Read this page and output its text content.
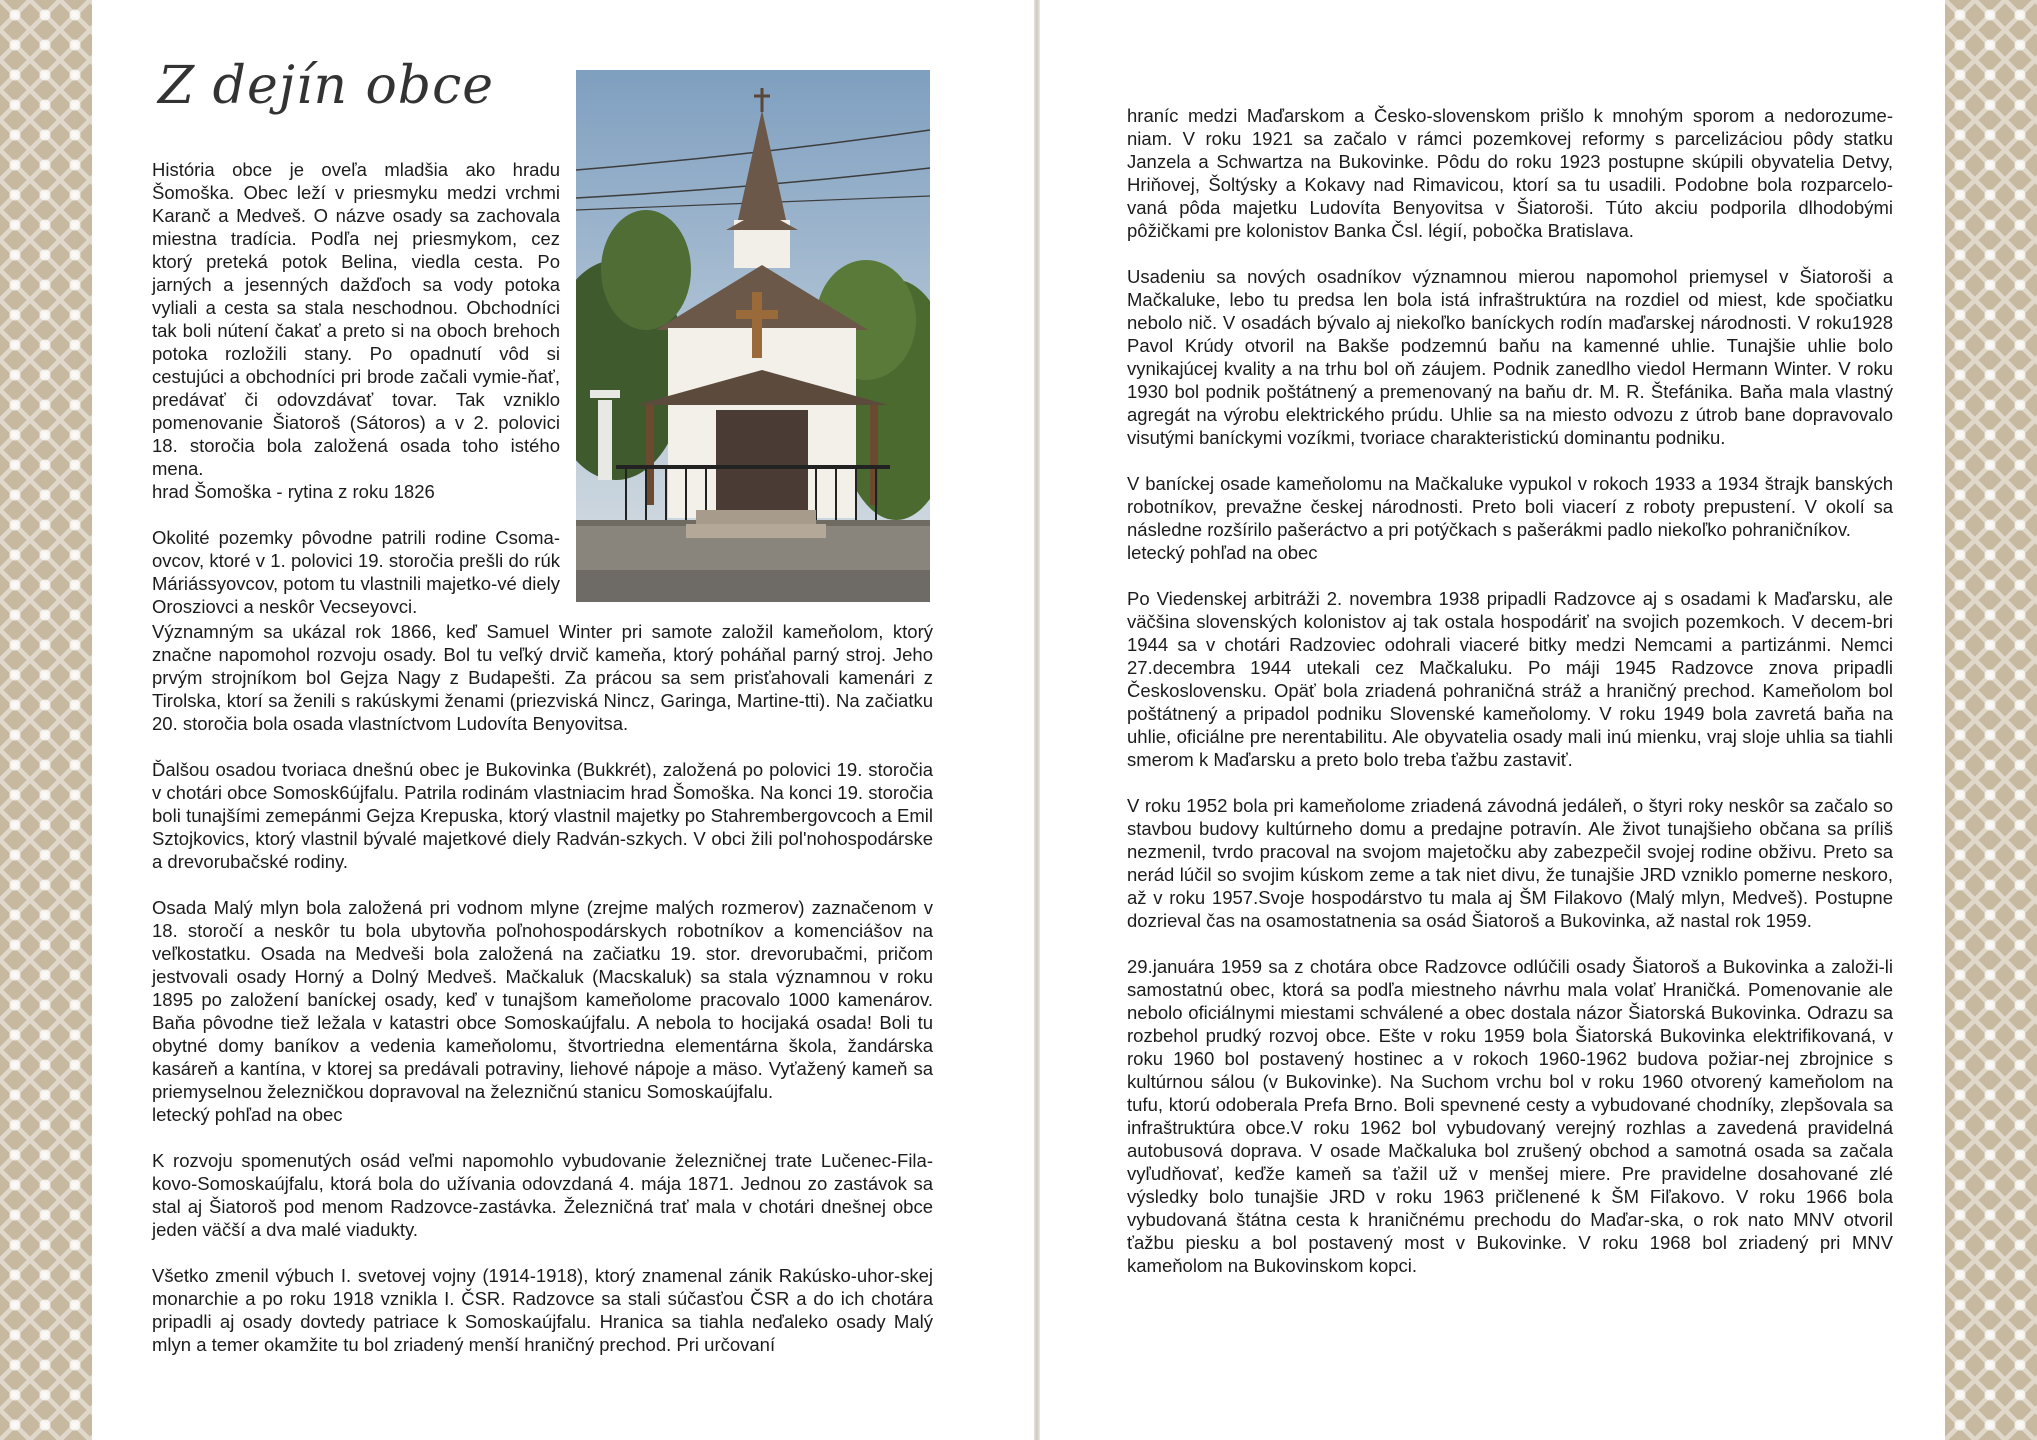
Z dejín obce

História obce je oveľa mladšia ako hradu Šomoška. Obec leží v priesmyku medzi vrchmi Karanč a Medveš. O názve osady sa zachovala miestna tradícia. Podľa nej priesmykom, cez ktorý preteká potok Belina, viedla cesta. Po jarných a jesenných dažďoch sa vody potoka vyliali a cesta sa stala neschodnou. Obchodníci tak boli nútení čakať a preto si na oboch brehoch potoka rozložili stany. Po opadnutí vôd si cestujúci a obchodníci pri brode začali vymie-ňať, predávať či odovzdávať tovar. Tak vzniklo pomenovanie Šiatoroš (Sátoros) a v 2. polovici 18. storočia bola založená osada toho istého mena.

hrad Šomoška - rytina z roku 1826

Okolité pozemky pôvodne patrili rodine Csoma-ovcov, ktoré v 1. polovici 19. storočia prešli do rúk Máriássyovcov, potom tu vlastnili majetko-vé diely Orosziovci a neskôr Vecseyovci.

Významným sa ukázal rok 1866, keď Samuel Winter pri samote založil kameňolom, ktorý značne napomohol rozvoju osady. Bol tu veľký drvič kameňa, ktorý poháňal parný stroj. Jeho prvým strojníkom bol Gejza Nagy z Budapešti. Za prácou sa sem prisťahovali kamenári z Tirolska, ktorí sa ženili s rakúskymi ženami (priezviská Nincz, Garinga, Martine-tti). Na začiatku 20. storočia bola osada vlastníctvom Ludovíta Benyovitsa.

Ďalšou osadou tvoriaca dnešnú obec je Bukovinka (Bukkrét), založená po polovici 19. storočia v chotári obce Somosk6újfalu. Patrila rodinám vlastniacim hrad Šomoška. Na konci 19. storočia boli tunajšími zemepánmi Gejza Krepuska, ktorý vlastnil majetky po Stahrembergovcoch a Emil Sztojkovics, ktorý vlastnil bývalé majetkové diely Radván-szkych. V obci žili pol'nohospodárske a drevorubačské rodiny.

Osada Malý mlyn bola založená pri vodnom mlyne (zrejme malých rozmerov) zaznačenom v 18. storočí a neskôr tu bola ubytovňa poľnohospodárskych robotníkov a komenciášov na veľkostatku. Osada na Medveši bola založená na začiatku 19. stor. drevorubačmi, pričom jestvovali osady Horný a Dolný Medveš. Mačkaluk (Macskaluk) sa stala významnou v roku 1895 po založení baníckej osady, keď v tunajšom kameňolome pracovalo 1000 kamenárov. Baňa pôvodne tiež ležala v katastri obce Somoskaújfalu. A nebola to hocijaká osada! Boli tu obytné domy baníkov a vedenia kameňolomu, štvortriedna elementárna škola, žandárska kasáreň a kantína, v ktorej sa predávali potraviny, liehové nápoje a mäso. Vyťažený kameň sa priemyselnou železničkou dopravoval na železničnú stanicu Somoskaújfalu.

letecký pohľad na obec

K rozvoju spomenutých osád veľmi napomohlo vybudovanie železničnej trate Lučenec-Fila-kovo-Somoskaújfalu, ktorá bola do užívania odovzdaná 4. mája 1871. Jednou zo zastávok sa stal aj Šiatoroš pod menom Radzovce-zastávka. Železničná trať mala v chotári dnešnej obce jeden väčší a dva malé viadukty.

Všetko zmenil výbuch I. svetovej vojny (1914-1918), ktorý znamenal zánik Rakúsko-uhor-skej monarchie a po roku 1918 vznikla I. ČSR. Radzovce sa stali súčasťou ČSR a do ich chotára pripadli aj osady dovtedy patriace k Somoskaújfalu. Hranica sa tiahla neďaleko osady Malý mlyn a temer okamžite tu bol zriadený menší hraničný prechod. Pri určovaní

hraníc medzi Maďarskom a Česko-slovenskom prišlo k mnohým sporom a nedorozume-niam. V roku 1921 sa začalo v rámci pozemkovej reformy s parcelizáciou pôdy statku Janzela a Schwartza na Bukovinke. Pôdu do roku 1923 postupne skúpili obyvatelia Detvy, Hriňovej, Šoltýsky a Kokavy nad Rimavicou, ktorí sa tu usadili. Podobne bola rozparcelo-vaná pôda majetku Ludovíta Benyovitsa v Šiatoroši. Túto akciu podporila dlhodobými pôžičkami pre kolonistov Banka Čsl. légií, pobočka Bratislava.

Usadeniu sa nových osadníkov významnou mierou napomohol priemysel v Šiatoroši a Mačkaluke, lebo tu predsa len bola istá infraštruktúra na rozdiel od miest, kde spočiatku nebolo nič. V osadách bývalo aj niekoľko baníckych rodín maďarskej národnosti. V roku1928 Pavol Krúdy otvoril na Bakše podzemnú baňu na kamenné uhlie. Tunajšie uhlie bolo vynikajúcej kvality a na trhu bol oň záujem. Podnik zanedlho viedol Hermann Winter. V roku 1930 bol podnik poštátnený a premenovaný na baňu dr. M. R. Štefánika. Baňa mala vlastný agregát na výrobu elektrického prúdu. Uhlie sa na miesto odvozu z útrob bane dopravovalo visutými baníckymi vozíkmi, tvoriace charakteristickú dominantu podniku.

V baníckej osade kameňolomu na Mačkaluke vypukol v rokoch 1933 a 1934 štrajk banských robotníkov, prevažne českej národnosti. Preto boli viacerí z roboty prepustení. V okolí sa následne rozšírilo pašeráctvo a pri potýčkach s pašerákmi padlo niekoľko pohraničníkov.

letecký pohľad na obec

Po Viedenskej arbitráži 2. novembra 1938 pripadli Radzovce aj s osadami k Maďarsku, ale väčšina slovenských kolonistov aj tak ostala hospodáriť na svojich pozemkoch. V decem-bri 1944 sa v chotári Radzoviec odohrali viaceré bitky medzi Nemcami a partizánmi. Nemci 27.decembra 1944 utekali cez Mačkaluku. Po máji 1945 Radzovce znova pripadli Československu. Opäť bola zriadená pohraničná stráž a hraničný prechod. Kameňolom bol poštátnený a pripadol podniku Slovenské kameňolomy. V roku 1949 bola zavretá baňa na uhlie, oficiálne pre nerentabilitu. Ale obyvatelia osady mali inú mienku, vraj sloje uhlia sa tiahli smerom k Maďarsku a preto bolo treba ťažbu zastaviť.

V roku 1952 bola pri kameňolome zriadená závodná jedáleň, o štyri roky neskôr sa začalo so stavbou budovy kultúrneho domu a predajne potravín. Ale život tunajšieho občana sa príliš nezmenil, tvrdo pracoval na svojom majetočku aby zabezpečil svojej rodine obživu. Preto sa nerád lúčil so svojim kúskom zeme a tak niet divu, že tunajšie JRD vzniklo pomerne neskoro, až v roku 1957.Svoje hospodárstvo tu mala aj ŠM Filakovo (Malý mlyn, Medveš). Postupne dozrieval čas na osamostatnenia sa osád Šiatoroš a Bukovinka, až nastal rok 1959.

29.januára 1959 sa z chotára obce Radzovce odlúčili osady Šiatoroš a Bukovinka a založi-li samostatnú obec, ktorá sa podľa miestneho návrhu mala volať Hraničká. Pomenovanie ale nebolo oficiálnymi miestami schválené a obec dostala názor Šiatorská Bukovinka. Odrazu sa rozbehol prudký rozvoj obce. Ešte v roku 1959 bola Šiatorská Bukovinka elektrifikovaná, v roku 1960 bol postavený hostinec a v rokoch 1960-1962 budova požiar-nej zbrojnice s kultúrnou sálou (v Bukovinke). Na Suchom vrchu bol v roku 1960 otvorený kameňolom na tufu, ktorú odoberala Prefa Brno. Boli spevnené cesty a vybudované chodníky, zlepšovala sa infraštruktúra obce.V roku 1962 bol vybudovaný verejný rozhlas a zavedená pravidelná autobusová doprava. V osade Mačkaluka bol zrušený obchod a samotná osada sa začala vyľudňovať, keďže kameň sa ťažil už v menšej miere. Pre pravidelne dosahované zlé výsledky bolo tunajšie JRD v roku 1963 pričlenené k ŠM Fiľakovo. V roku 1966 bola vybudovaná štátna cesta k hraničnému prechodu do Maďar-ska, o rok nato MNV otvoril ťažbu piesku a bol postavený most v Bukovinke. V roku 1968 bol zriadený pri MNV kameňolom na Bukovinskom kopci.
